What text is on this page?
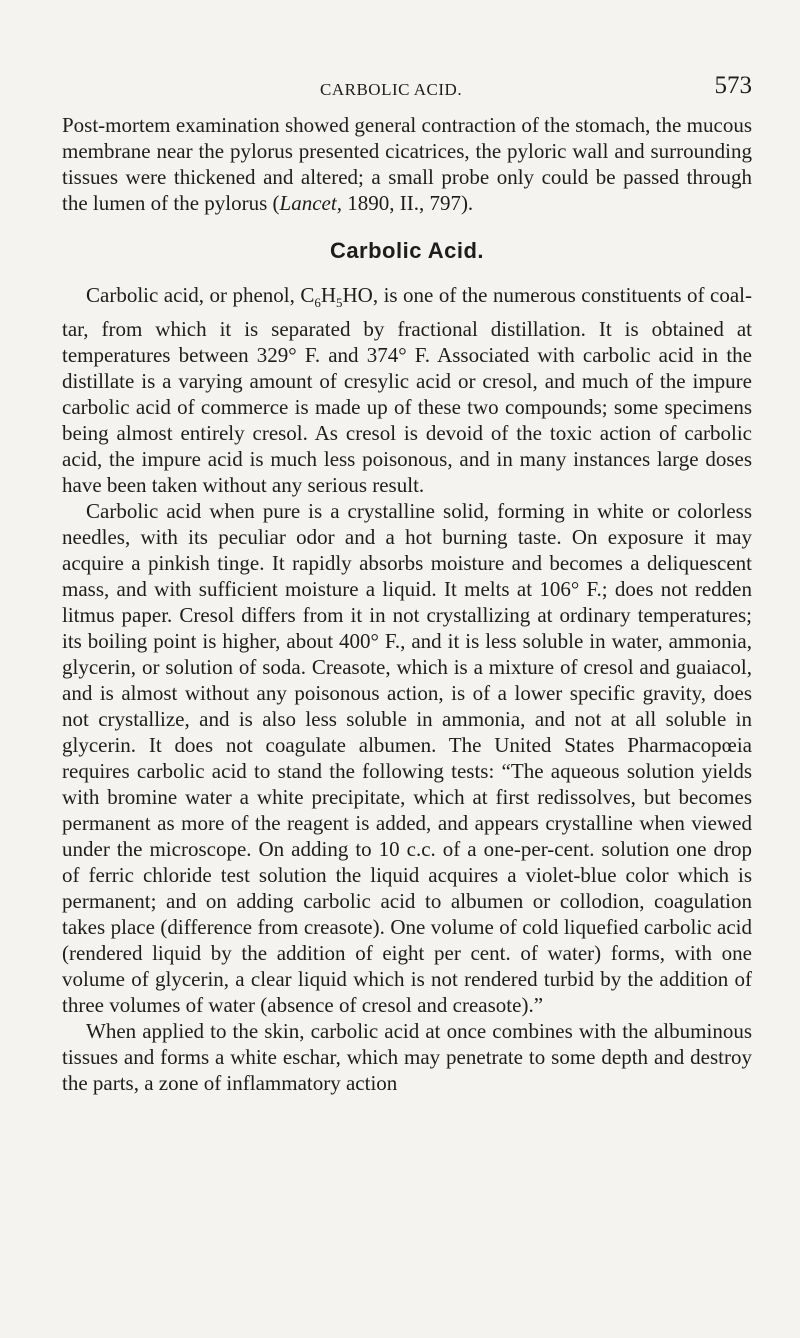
CARBOLIC ACID.	573

Post-mortem examination showed general contraction of the stomach, the mucous membrane near the pylorus presented cicatrices, the pyloric wall and surrounding tissues were thickened and altered; a small probe only could be passed through the lumen of the pylorus (Lancet, 1890, II., 797).

Carbolic Acid.

Carbolic acid, or phenol, $C_6H_5HO$, is one of the numerous constituents of coal-tar, from which it is separated by fractional distillation. It is obtained at temperatures between 329° F. and 374° F. Associated with carbolic acid in the distillate is a varying amount of cresylic acid or cresol, and much of the impure carbolic acid of commerce is made up of these two compounds; some specimens being almost entirely cresol. As cresol is devoid of the toxic action of carbolic acid, the impure acid is much less poisonous, and in many instances large doses have been taken without any serious result.

Carbolic acid when pure is a crystalline solid, forming in white or colorless needles, with its peculiar odor and a hot burning taste. On exposure it may acquire a pinkish tinge. It rapidly absorbs moisture and becomes a deliquescent mass, and with sufficient moisture a liquid. It melts at 106° F.; does not redden litmus paper. Cresol differs from it in not crystallizing at ordinary temperatures; its boiling point is higher, about 400° F., and it is less soluble in water, ammonia, glycerin, or solution of soda. Creasote, which is a mixture of cresol and guaiacol, and is almost without any poisonous action, is of a lower specific gravity, does not crystallize, and is also less soluble in ammonia, and not at all soluble in glycerin. It does not coagulate albumen. The United States Pharmacopœia requires carbolic acid to stand the following tests: “The aqueous solution yields with bromine water a white precipitate, which at first redissolves, but becomes permanent as more of the reagent is added, and appears crystalline when viewed under the microscope. On adding to 10 c.c. of a one-per-cent. solution one drop of ferric chloride test solution the liquid acquires a violet-blue color which is permanent; and on adding carbolic acid to albumen or collodion, coagulation takes place (difference from creasote). One volume of cold liquefied carbolic acid (rendered liquid by the addition of eight per cent. of water) forms, with one volume of glycerin, a clear liquid which is not rendered turbid by the addition of three volumes of water (absence of cresol and creasote).”

When applied to the skin, carbolic acid at once combines with the albuminous tissues and forms a white eschar, which may penetrate to some depth and destroy the parts, a zone of inflammatory action
